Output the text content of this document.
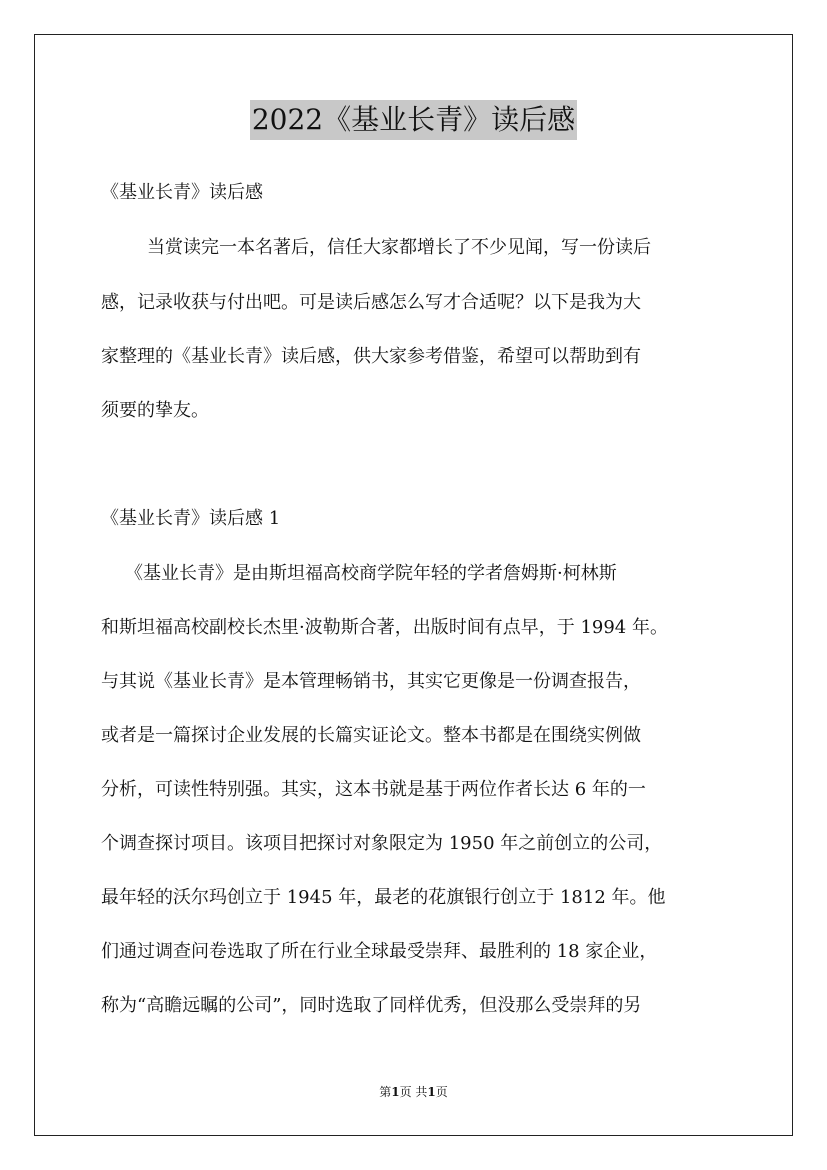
2022《基业长青》读后感
《基业长青》读后感
当赏读完一本名著后，信任大家都增长了不少见闻，写一份读后
感，记录收获与付出吧。可是读后感怎么写才合适呢？以下是我为大
家整理的《基业长青》读后感，供大家参考借鉴，希望可以帮助到有
须要的挚友。
《基业长青》读后感 1
《基业长青》是由斯坦福高校商学院年轻的学者詹姆斯·柯林斯
和斯坦福高校副校长杰里·波勒斯合著，出版时间有点早，于 1994 年。
与其说《基业长青》是本管理畅销书，其实它更像是一份调查报告，
或者是一篇探讨企业发展的长篇实证论文。整本书都是在围绕实例做
分析，可读性特别强。其实，这本书就是基于两位作者长达 6 年的一
个调查探讨项目。该项目把探讨对象限定为 1950 年之前创立的公司，
最年轻的沃尔玛创立于 1945 年，最老的花旗银行创立于 1812 年。他
们通过调查问卷选取了所在行业全球最受崇拜、最胜利的 18 家企业，
称为“高瞻远瞩的公司”，同时选取了同样优秀，但没那么受崇拜的另
第1页 共1页
